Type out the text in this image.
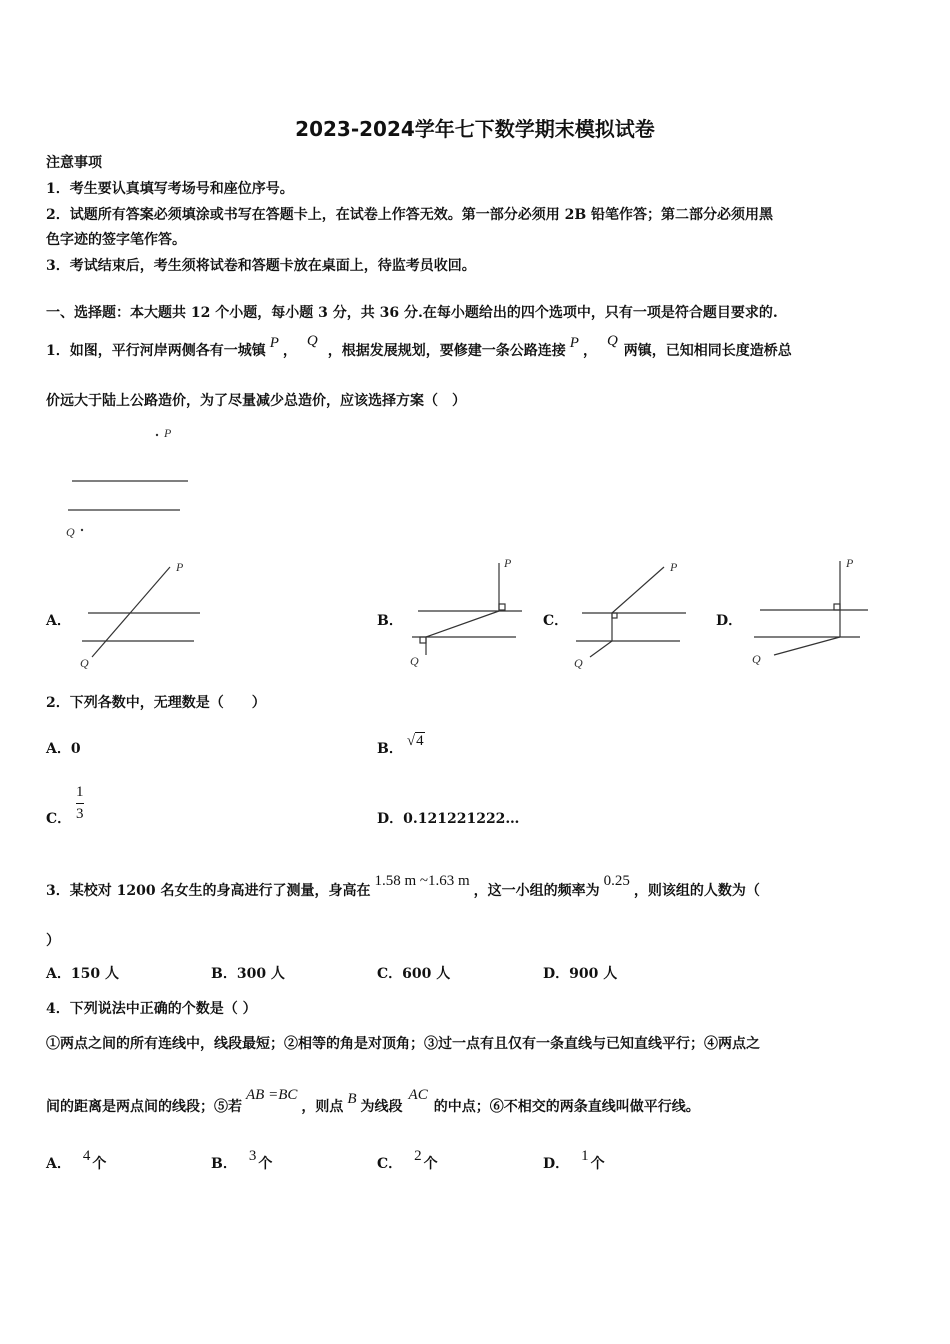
2023-2024学年七下数学期末模拟试卷
注意事项
1．考生要认真填写考场号和座位序号。
2．试题所有答案必须填涂或书写在答题卡上，在试卷上作答无效。第一部分必须用 2B 铅笔作答；第二部分必须用黑
色字迹的签字笔作答。
3．考试结束后，考生须将试卷和答题卡放在桌面上，待监考员收回。
一、选择题：本大题共 12 个小题，每小题 3 分，共 36 分.在每小题给出的四个选项中，只有一项是符合题目要求的.
1．如图，平行河岸两侧各有一城镇 P ，Q，根据发展规划，要修建一条公路连接 P ，Q两镇，已知相同长度造桥总
价远大于陆上公路造价，为了尽量减少总造价，应该选择方案（　）
P
Q
A．
P
Q
B．
P
Q
C．
P
Q
D．
P
Q
2．下列各数中，无理数是（　　）
A．0	B． √4
C． $\frac{1}{3}$	D．0.121221222…
3．某校对 1200 名女生的身高进行了测量，身高在1.58 m ~1.63 m，这一小组的频率为0.25，则该组的人数为（
）
A．150 人	B．300 人	C．600 人	D．900 人
4．下列说法中正确的个数是（ ）
①两点之间的所有连线中，线段最短；②相等的角是对顶角；③过一点有且仅有一条直线与已知直线平行；④两点之
间的距离是两点间的线段；⑤若AB =BC，则点 B 为线段AC的中点；⑥不相交的两条直线叫做平行线。
A． 4 个	B． 3 个	C． 2 个	D． 1 个
